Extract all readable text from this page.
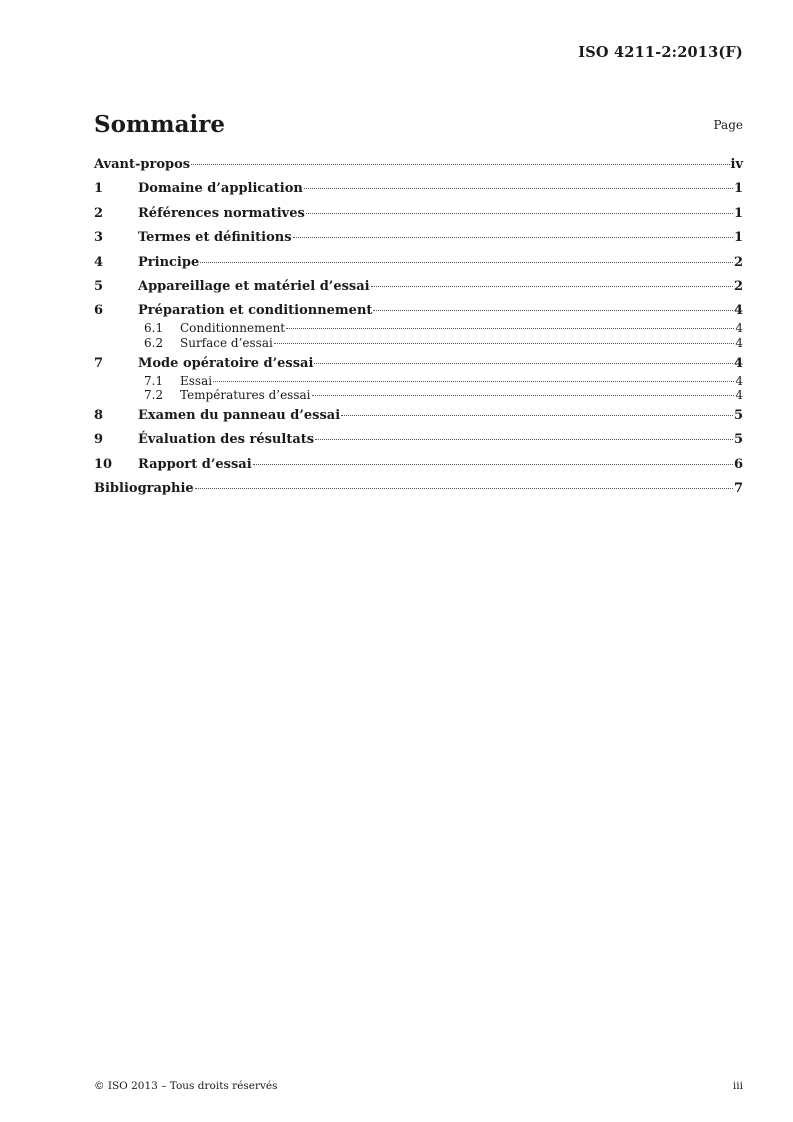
ISO 4211-2:2013(F)
Sommaire	Page
Avant-propos	iv
1	Domaine d’application	1
2	Références normatives	1
3	Termes et définitions	1
4	Principe	2
5	Appareillage et matériel d’essai	2
6	Préparation et conditionnement	4
6.1	Conditionnement	4
6.2	Surface d’essai	4
7	Mode opératoire d’essai	4
7.1	Essai	4
7.2	Températures d’essai	4
8	Examen du panneau d’essai	5
9	Évaluation des résultats	5
10	Rapport d’essai	6
Bibliographie	7
© ISO 2013 – Tous droits réservés	iii
